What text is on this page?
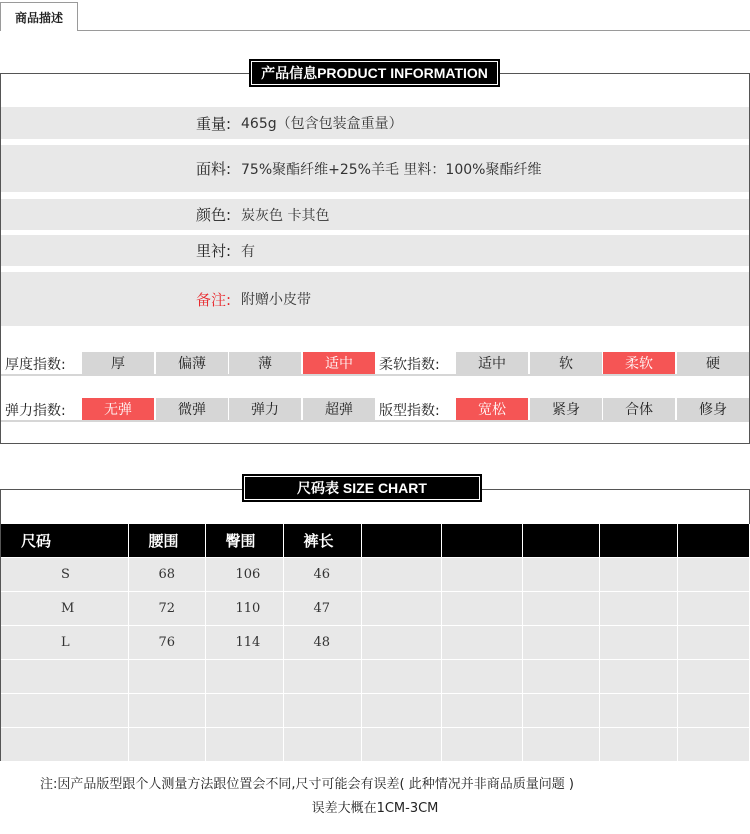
商品描述
产品信息PRODUCT INFORMATION
重量: 465g（包含包装盒重量）
面料: 75%聚酯纤维+25%羊毛 里料：100%聚酯纤维
颜色: 炭灰色 卡其色
里衬: 有
备注: 附赠小皮带
厚度指数:	厚	偏薄	薄	适中	柔软指数:	适中	软	柔软	硬
弹力指数:	无弹	微弹	弹力	超弹	版型指数:	宽松	紧身	合体	修身
尺码表 SIZE CHART
尺码	腰围	臀围	裤长					
S	68	106	46					
M	72	110	47					
L	76	114	48					

注:因产品版型跟个人测量方法跟位置会不同,尺寸可能会有误差( 此种情况并非商品质量问题 )
误差大概在1CM-3CM
